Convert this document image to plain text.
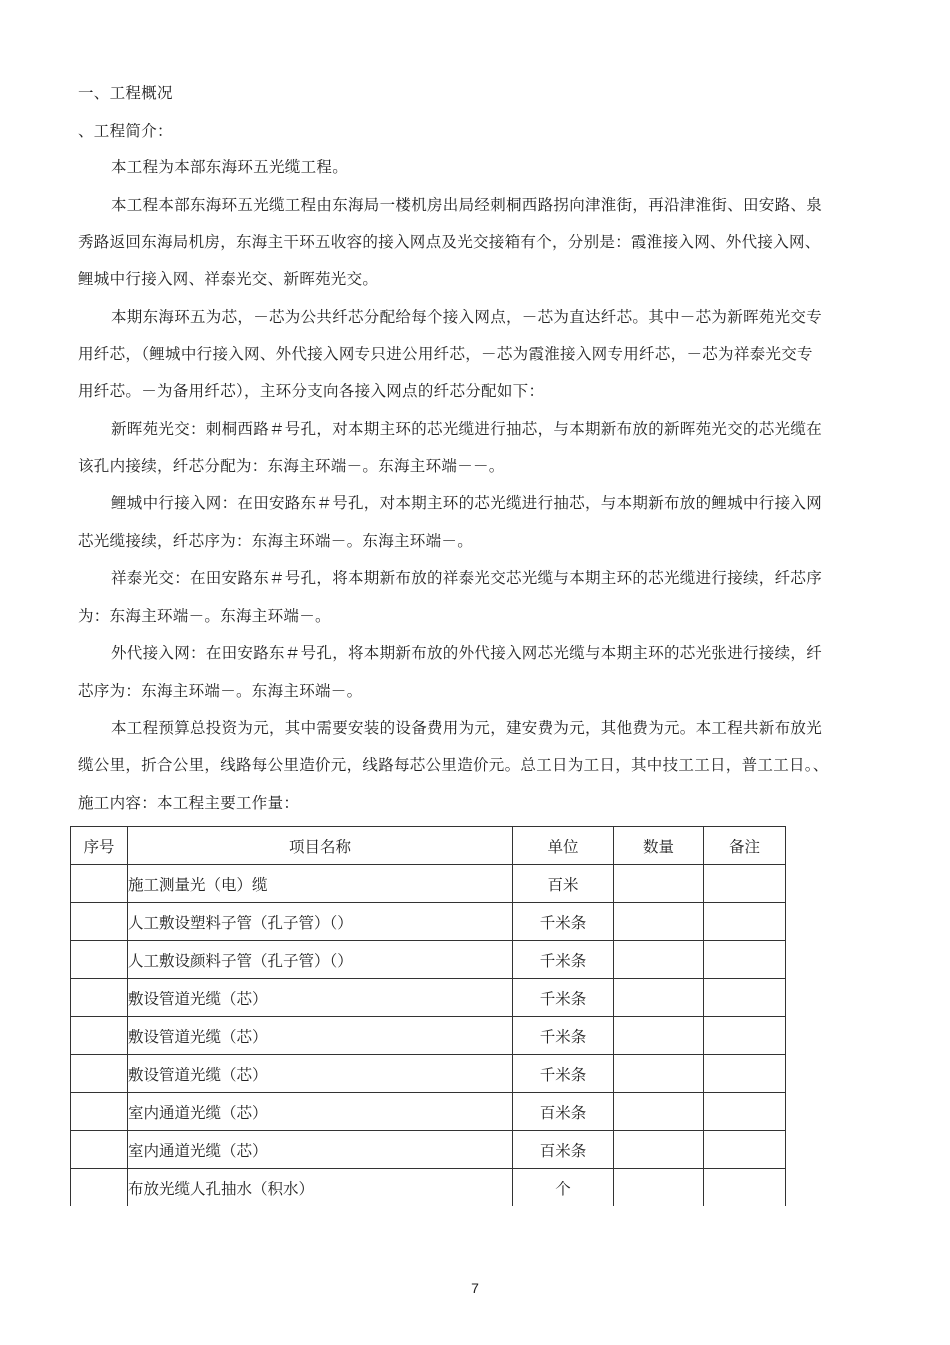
一、工程概况
、工程简介：
本工程为本部东海环五光缆工程。
本工程本部东海环五光缆工程由东海局一楼机房出局经刺桐西路拐向津淮街，再沿津淮街、田安路、泉
秀路返回东海局机房，东海主干环五收容的接入网点及光交接箱有个，分别是：霞淮接入网、外代接入网、
鲤城中行接入网、祥泰光交、新晖苑光交。
本期东海环五为芯，－芯为公共纤芯分配给每个接入网点，－芯为直达纤芯。其中－芯为新晖苑光交专
用纤芯，（鲤城中行接入网、外代接入网专只进公用纤芯，－芯为霞淮接入网专用纤芯，－芯为祥泰光交专
用纤芯。－为备用纤芯），主环分支向各接入网点的纤芯分配如下：
新晖苑光交：刺桐西路＃号孔，对本期主环的芯光缆进行抽芯，与本期新布放的新晖苑光交的芯光缆在
该孔内接续，纤芯分配为：东海主环端－。东海主环端－－。
鲤城中行接入网：在田安路东＃号孔，对本期主环的芯光缆进行抽芯，与本期新布放的鲤城中行接入网
芯光缆接续，纤芯序为：东海主环端－。东海主环端－。
祥泰光交：在田安路东＃号孔，将本期新布放的祥泰光交芯光缆与本期主环的芯光缆进行接续，纤芯序
为：东海主环端－。东海主环端－。
外代接入网：在田安路东＃号孔，将本期新布放的外代接入网芯光缆与本期主环的芯光张进行接续，纤
芯序为：东海主环端－。东海主环端－。
本工程预算总投资为元，其中需要安装的设备费用为元，建安费为元，其他费为元。本工程共新布放光
缆公里，折合公里，线路每公里造价元，线路每芯公里造价元。总工日为工日，其中技工工日，普工工日。、
施工内容：本工程主要工作量：
序号	项目名称	单位	数量	备注
	施工测量光（电）缆	百米		
	人工敷设塑料子管（孔子管）（）	千米条		
	人工敷设颜料子管（孔子管）（）	千米条		
	敷设管道光缆（芯）	千米条		
	敷设管道光缆（芯）	千米条		
	敷设管道光缆（芯）	千米条		
	室内通道光缆（芯）	百米条		
	室内通道光缆（芯）	百米条		
	布放光缆人孔抽水（积水）	个		
7
